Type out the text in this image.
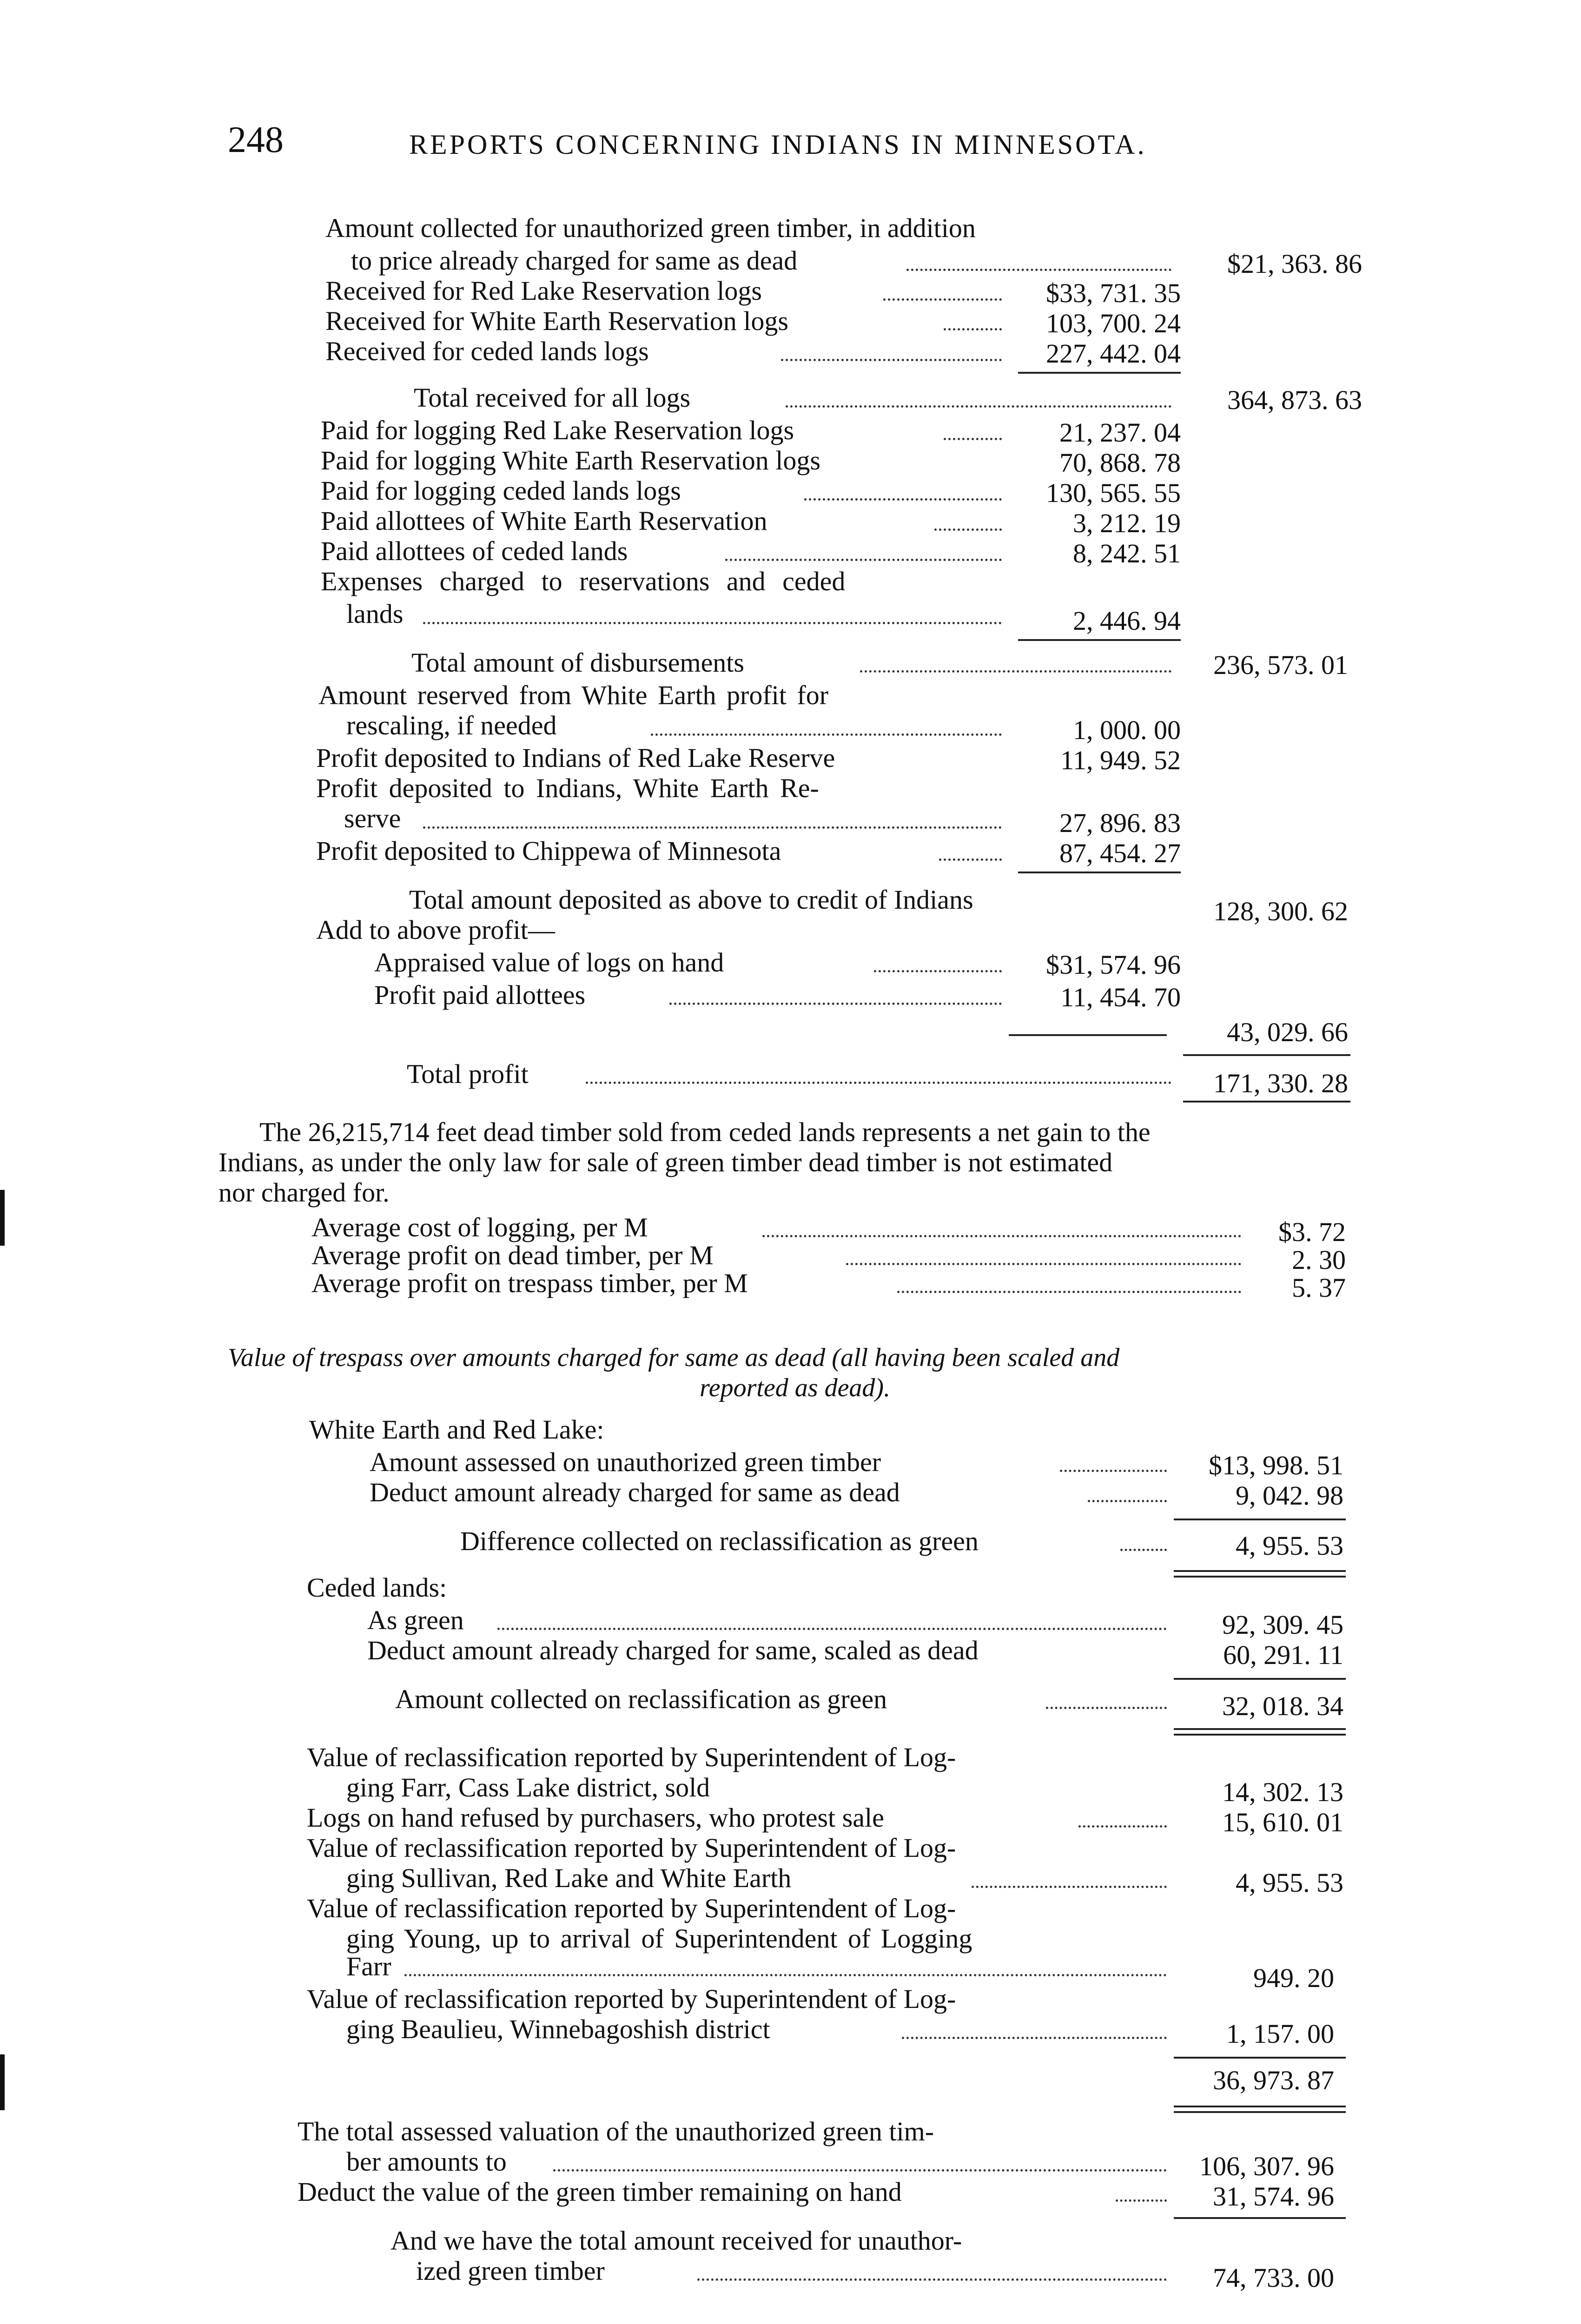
248	REPORTS CONCERNING INDIANS IN MINNESOTA.
Amount collected for unauthorized green timber, in addition
to price already charged for same as dead	$21, 363. 86
Received for Red Lake Reservation logs	$33, 731. 35
Received for White Earth Reservation logs	103, 700. 24
Received for ceded lands logs	227, 442. 04
Total received for all logs	364, 873. 63
Paid for logging Red Lake Reservation logs	21, 237. 04
Paid for logging White Earth Reservation logs	70, 868. 78
Paid for logging ceded lands logs	130, 565. 55
Paid allottees of White Earth Reservation	3, 212. 19
Paid allottees of ceded lands	8, 242. 51
Expenses charged to reservations and ceded
lands	2, 446. 94
Total amount of disbursements	236, 573. 01
Amount reserved from White Earth profit for
rescaling, if needed	1, 000. 00
Profit deposited to Indians of Red Lake Reserve	11, 949. 52
Profit deposited to Indians, White Earth Re-
serve	27, 896. 83
Profit deposited to Chippewa of Minnesota	87, 454. 27
Total amount deposited as above to credit of Indians	128, 300. 62
Add to above profit—
Appraised value of logs on hand	$31, 574. 96
Profit paid allottees	11, 454. 70
43, 029. 66
Total profit	171, 330. 28
The 26,215,714 feet dead timber sold from ceded lands represents a net gain to the
Indians, as under the only law for sale of green timber dead timber is not estimated
nor charged for.
Average cost of logging, per M	$3. 72
Average profit on dead timber, per M	2. 30
Average profit on trespass timber, per M	5. 37
Value of trespass over amounts charged for same as dead (all having been scaled and
reported as dead).
White Earth and Red Lake:
Amount assessed on unauthorized green timber	$13, 998. 51
Deduct amount already charged for same as dead	9, 042. 98
Difference collected on reclassification as green	4, 955. 53
Ceded lands:
As green	92, 309. 45
Deduct amount already charged for same, scaled as dead	60, 291. 11
Amount collected on reclassification as green	32, 018. 34
Value of reclassification reported by Superintendent of Log-
ging Farr, Cass Lake district, sold	14, 302. 13
Logs on hand refused by purchasers, who protest sale	15, 610. 01
Value of reclassification reported by Superintendent of Log-
ging Sullivan, Red Lake and White Earth	4, 955. 53
Value of reclassification reported by Superintendent of Log-
ging Young, up to arrival of Superintendent of Logging
Farr	949. 20
Value of reclassification reported by Superintendent of Log-
ging Beaulieu, Winnebagoshish district	1, 157. 00
36, 973. 87
The total assessed valuation of the unauthorized green tim-
ber amounts to	106, 307. 96
Deduct the value of the green timber remaining on hand	31, 574. 96
And we have the total amount received for unauthor-
ized green timber	74, 733. 00
